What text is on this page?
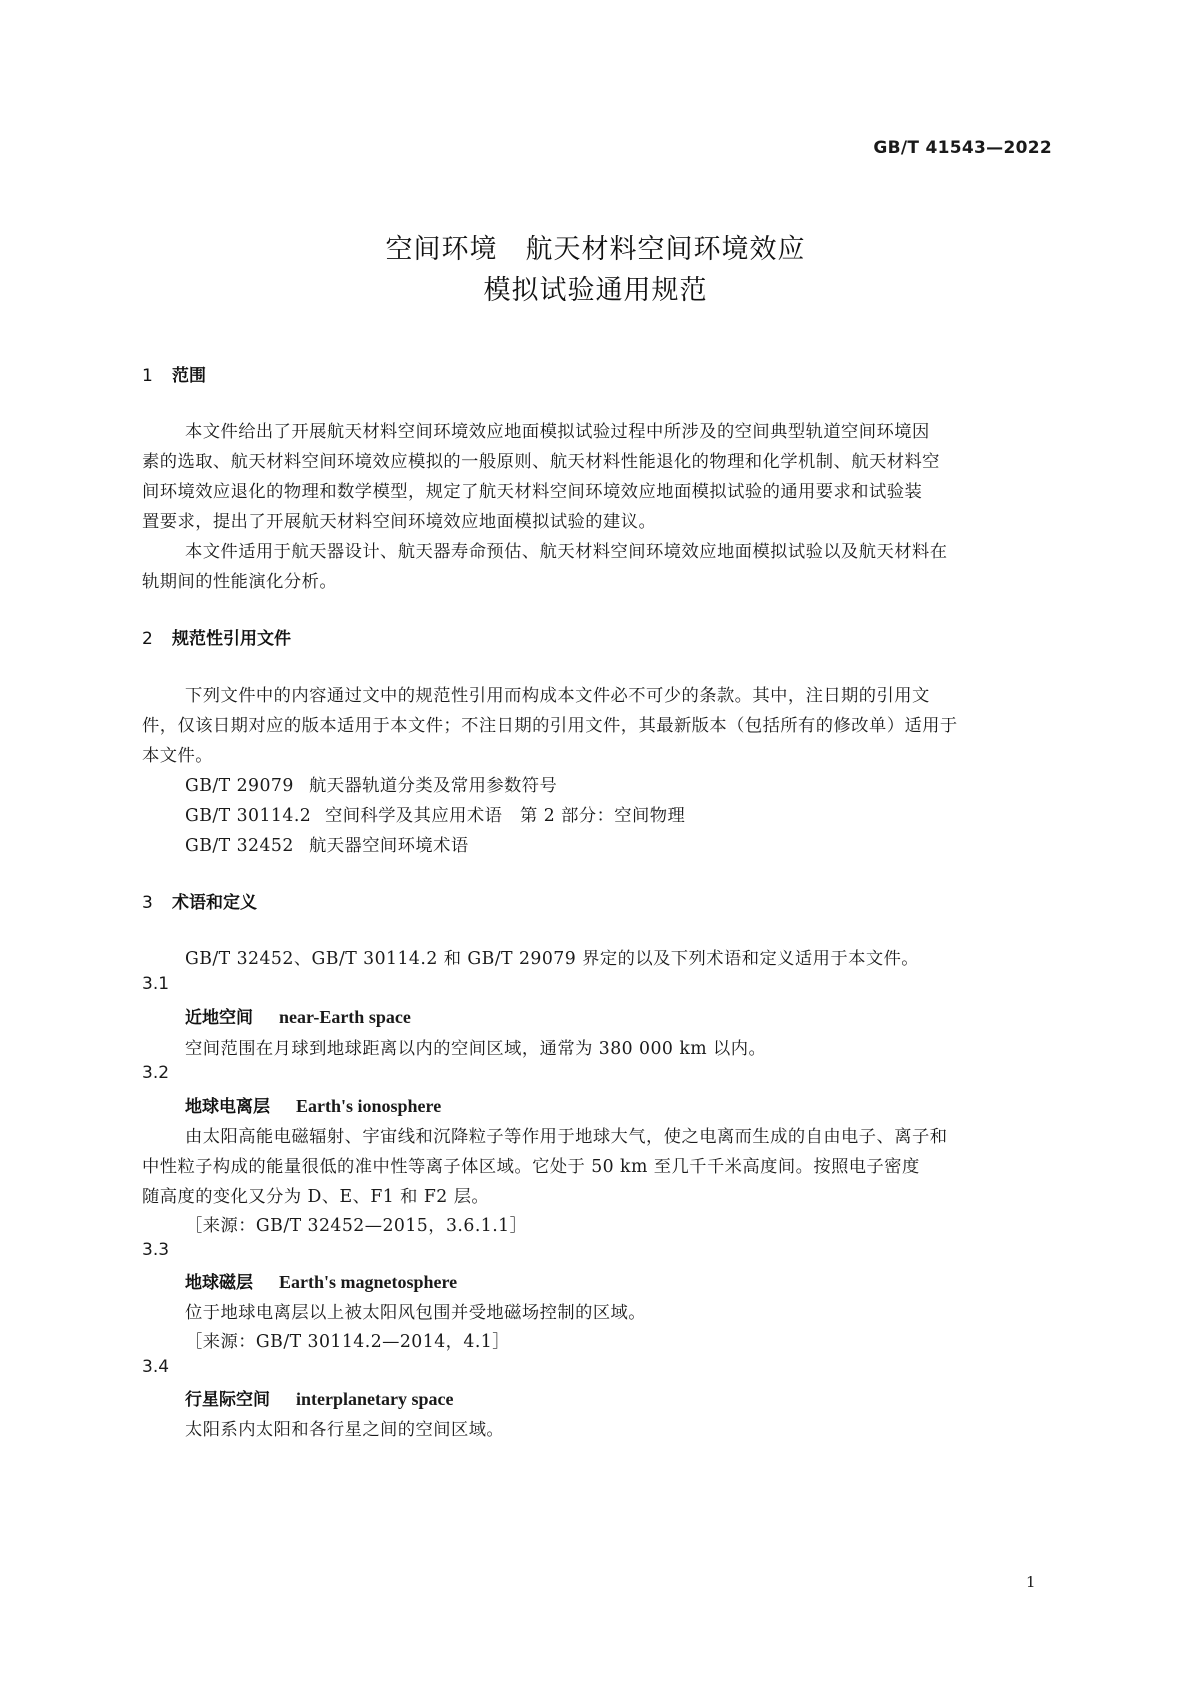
GB/T 41543—2022
空间环境　航天材料空间环境效应
模拟试验通用规范
1 范围
本文件给出了开展航天材料空间环境效应地面模拟试验过程中所涉及的空间典型轨道空间环境因
素的选取、航天材料空间环境效应模拟的一般原则、航天材料性能退化的物理和化学机制、航天材料空
间环境效应退化的物理和数学模型，规定了航天材料空间环境效应地面模拟试验的通用要求和试验装
置要求，提出了开展航天材料空间环境效应地面模拟试验的建议。
本文件适用于航天器设计、航天器寿命预估、航天材料空间环境效应地面模拟试验以及航天材料在
轨期间的性能演化分析。
2 规范性引用文件
下列文件中的内容通过文中的规范性引用而构成本文件必不可少的条款。其中，注日期的引用文
件，仅该日期对应的版本适用于本文件；不注日期的引用文件，其最新版本（包括所有的修改单）适用于
本文件。
GB/T 29079 航天器轨道分类及常用参数符号
GB/T 30114.2 空间科学及其应用术语　第 2 部分：空间物理
GB/T 32452 航天器空间环境术语
3 术语和定义
GB/T 32452、GB/T 30114.2 和 GB/T 29079 界定的以及下列术语和定义适用于本文件。
3.1
近地空间 near-Earth space
空间范围在月球到地球距离以内的空间区域，通常为 380 000 km 以内。
3.2
地球电离层 Earth's ionosphere
由太阳高能电磁辐射、宇宙线和沉降粒子等作用于地球大气，使之电离而生成的自由电子、离子和
中性粒子构成的能量很低的准中性等离子体区域。它处于 50 km 至几千千米高度间。按照电子密度
随高度的变化又分为 D、E、F1 和 F2 层。
［来源：GB/T 32452—2015，3.6.1.1］
3.3
地球磁层 Earth's magnetosphere
位于地球电离层以上被太阳风包围并受地磁场控制的区域。
［来源：GB/T 30114.2—2014，4.1］
3.4
行星际空间 interplanetary space
太阳系内太阳和各行星之间的空间区域。
1
